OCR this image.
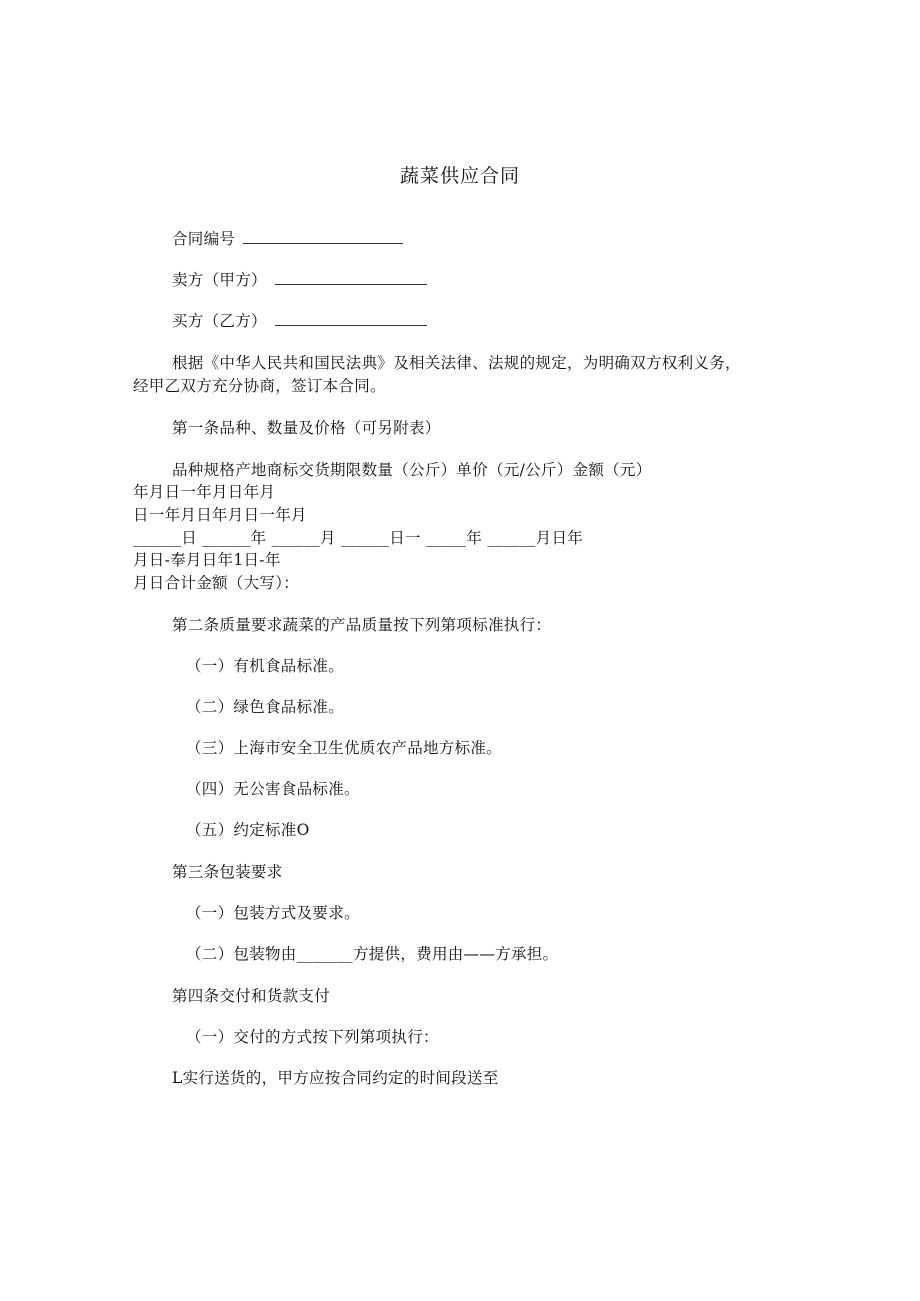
蔬菜供应合同
合同编号
卖方（甲方）
买方（乙方）
根据《中华人民共和国民法典》及相关法律、法规的规定，为明确双方权利义务，
经甲乙双方充分协商，签订本合同。
第一条品种、数量及价格（可另附表）
品种规格产地商标交货期限数量（公斤）单价（元/公斤）金额（元）
年月日一年月日年月
日一年月日年月日一年月
______日 ______年 ______月 ______日一 _____年 ______月日年
月日-奉月日年1日-年
月日合计金额（大写）：
第二条质量要求蔬菜的产品质量按下列第项标准执行：
（一）有机食品标准。
（二）绿色食品标准。
（三）上海市安全卫生优质农产品地方标准。
（四）无公害食品标准。
（五）约定标准O
第三条包装要求
（一）包装方式及要求。
（二）包装物由_______方提供，费用由——方承担。
第四条交付和货款支付
（一）交付的方式按下列第项执行：
L实行送货的，甲方应按合同约定的时间段送至
